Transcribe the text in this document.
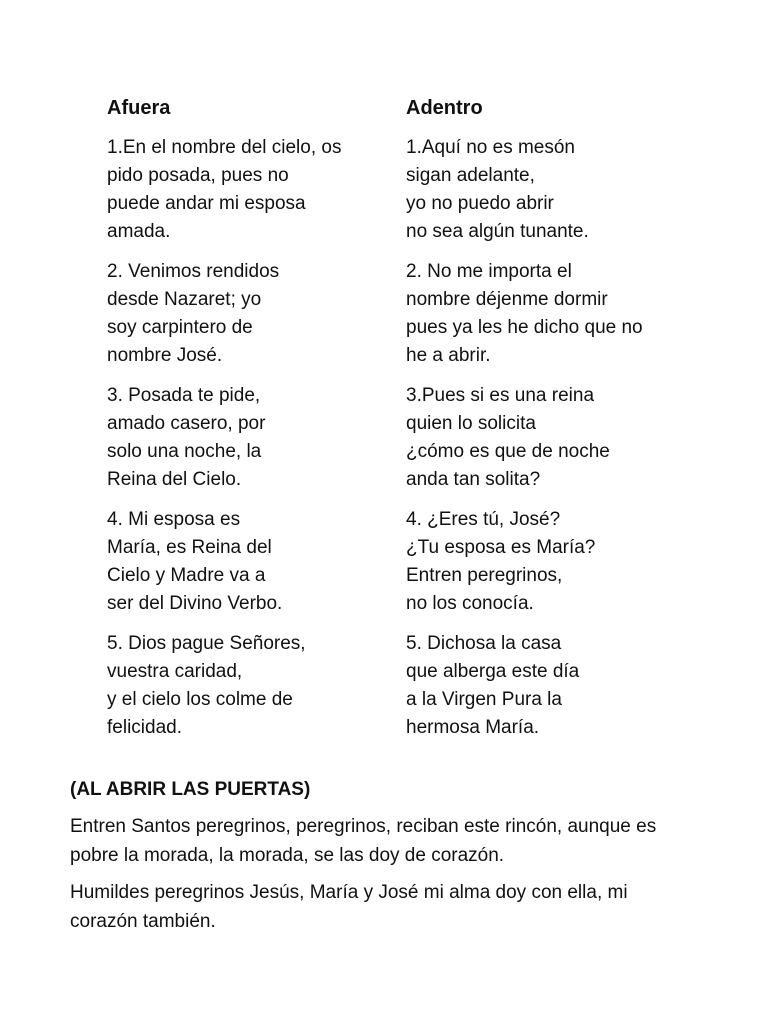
Afuera
1.En el nombre del cielo, os
pido posada, pues no
puede andar mi esposa
amada.
2. Venimos rendidos
desde Nazaret; yo
soy carpintero de
nombre José.
3. Posada te pide,
amado casero, por
solo una noche, la
Reina del Cielo.
4. Mi esposa es
María, es Reina del
Cielo y Madre va a
ser del Divino Verbo.
5. Dios pague Señores,
vuestra caridad,
y el cielo los colme de
felicidad.
Adentro
1.Aquí no es mesón
sigan adelante,
yo no puedo abrir
no sea algún tunante.
2. No me importa el
nombre déjenme dormir
pues ya les he dicho que no
he a abrir.
3.Pues si es una reina
quien lo solicita
¿cómo es que de noche
anda tan solita?
4. ¿Eres tú, José?
¿Tu esposa es María?
Entren peregrinos,
no los conocía.
5. Dichosa la casa
que alberga este día
a la Virgen Pura la
hermosa María.
(AL ABRIR LAS PUERTAS)
Entren Santos peregrinos, peregrinos, reciban este rincón, aunque es
pobre la morada, la morada, se las doy de corazón.
Humildes peregrinos Jesús, María y José mi alma doy con ella, mi
corazón también.
